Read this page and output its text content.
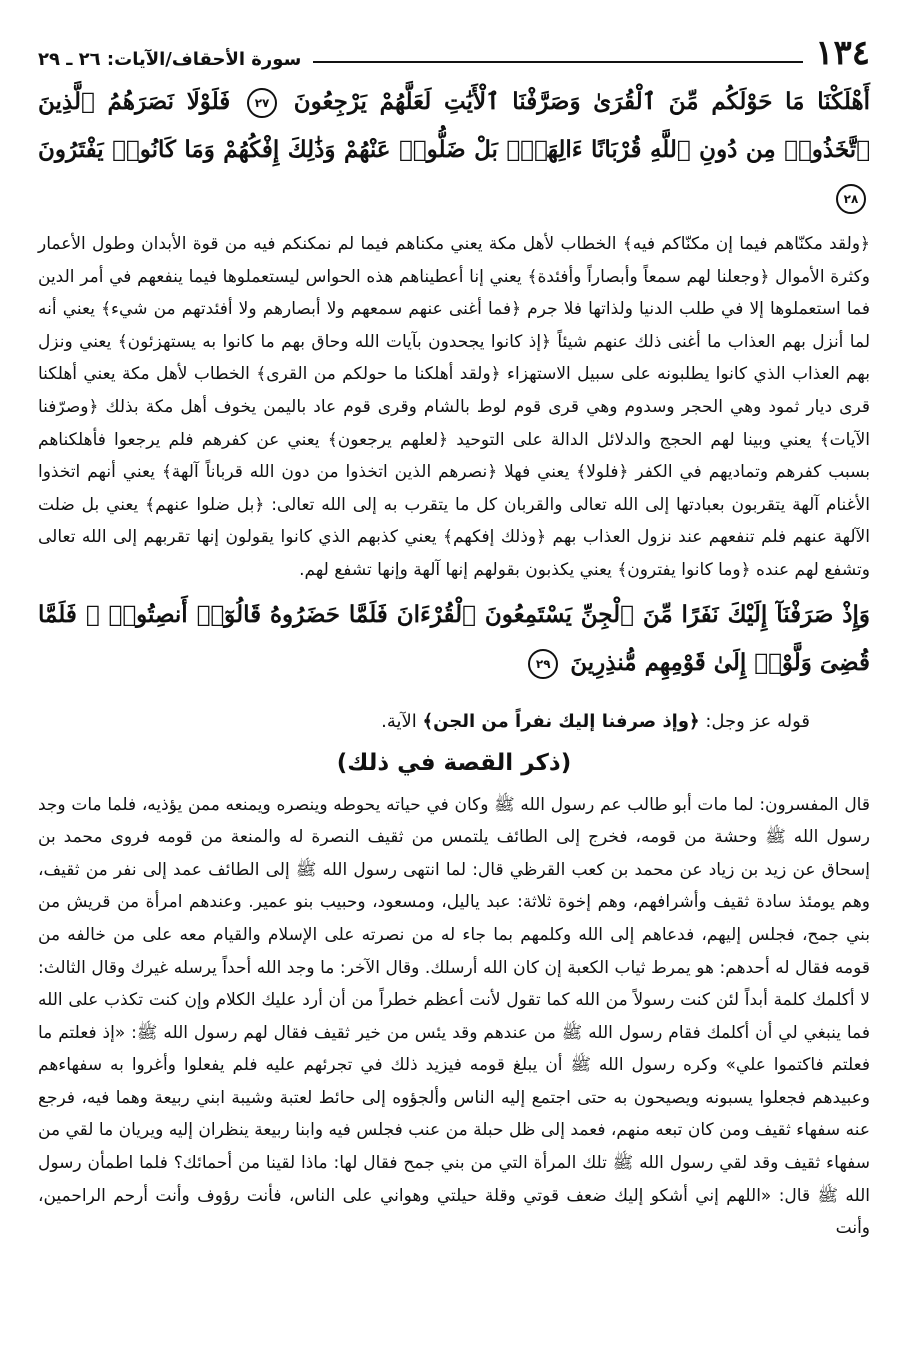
١٣٤
سورة الأحقاف/الآيات: ٢٦ ـ ٢٩
أَهْلَكْنَا مَا حَوْلَكُم مِّنَ ٱلْقُرَىٰ وَصَرَّفْنَا ٱلْأَيَٰتِ لَعَلَّهُمْ يَرْجِعُونَ ٢٧ فَلَوْلَا نَصَرَهُمُ ٱلَّذِينَ ٱتَّخَذُوا۟ مِن دُونِ ٱللَّهِ قُرْبَانًا ءَالِهَةًۢ بَلْ ضَلُّوا۟ عَنْهُمْ وَذَٰلِكَ إِفْكُهُمْ وَمَا كَانُوا۟ يَفْتَرُونَ ٢٨

﴿ولقد مكنّاهم فيما إن مكنّاكم فيه﴾ الخطاب لأهل مكة يعني مكناهم فيما لم نمكنكم فيه من قوة الأبدان وطول الأعمار وكثرة الأموال ﴿وجعلنا لهم سمعاً وأبصاراً وأفئدة﴾ يعني إنا أعطيناهم هذه الحواس ليستعملوها فيما ينفعهم في أمر الدين فما استعملوها إلا في طلب الدنيا ولذاتها فلا جرم ﴿فما أغنى عنهم سمعهم ولا أبصارهم ولا أفئدتهم من شيء﴾ يعني أنه لما أنزل بهم العذاب ما أغنى ذلك عنهم شيئاً ﴿إذ كانوا يجحدون بآيات الله وحاق بهم ما كانوا به يستهزئون﴾ يعني ونزل بهم العذاب الذي كانوا يطلبونه على سبيل الاستهزاء ﴿ولقد أهلكنا ما حولكم من القرى﴾ الخطاب لأهل مكة يعني أهلكنا قرى ديار ثمود وهي الحجر وسدوم وهي قرى قوم لوط بالشام وقرى قوم عاد باليمن يخوف أهل مكة بذلك ﴿وصرّفنا الآيات﴾ يعني وبينا لهم الحجج والدلائل الدالة على التوحيد ﴿لعلهم يرجعون﴾ يعني عن كفرهم فلم يرجعوا فأهلكناهم بسبب كفرهم وتماديهم في الكفر ﴿فلولا﴾ يعني فهلا ﴿نصرهم الذين اتخذوا من دون الله قرباناً آلهة﴾ يعني أنهم اتخذوا الأغنام آلهة يتقربون بعبادتها إلى الله تعالى والقربان كل ما يتقرب به إلى الله تعالى: ﴿بل ضلوا عنهم﴾ يعني بل ضلت الآلهة عنهم فلم تنفعهم عند نزول العذاب بهم ﴿وذلك إفكهم﴾ يعني كذبهم الذي كانوا يقولون إنها تقربهم إلى الله تعالى وتشفع لهم عنده ﴿وما كانوا يفترون﴾ يعني يكذبون بقولهم إنها آلهة وإنها تشفع لهم.

وَإِذْ صَرَفْنَآ إِلَيْكَ نَفَرًا مِّنَ ٱلْجِنِّ يَسْتَمِعُونَ ٱلْقُرْءَانَ فَلَمَّا حَضَرُوهُ قَالُوٓا۟ أَنصِتُوا۟ ۖ فَلَمَّا قُضِىَ وَلَّوْا۟ إِلَىٰ قَوْمِهِم مُّنذِرِينَ ٢٩
قوله عز وجل: ﴿وإذ صرفنا إليك نفراً من الجن﴾ الآية.
(ذكر القصة في ذلك)

قال المفسرون: لما مات أبو طالب عم رسول الله ﷺ وكان في حياته يحوطه وينصره ويمنعه ممن يؤذيه، فلما مات وجد رسول الله ﷺ وحشة من قومه، فخرج إلى الطائف يلتمس من ثقيف النصرة له والمنعة من قومه فروى محمد بن إسحاق عن زيد بن زياد عن محمد بن كعب القرظي قال: لما انتهى رسول الله ﷺ إلى الطائف عمد إلى نفر من ثقيف، وهم يومئذ سادة ثقيف وأشرافهم، وهم إخوة ثلاثة: عبد ياليل، ومسعود، وحبيب بنو عمير. وعندهم امرأة من قريش من بني جمح، فجلس إليهم، فدعاهم إلى الله وكلمهم بما جاء له من نصرته على الإسلام والقيام معه على من خالفه من قومه فقال له أحدهم: هو يمرط ثياب الكعبة إن كان الله أرسلك. وقال الآخر: ما وجد الله أحداً يرسله غيرك وقال الثالث: لا أكلمك كلمة أبداً لئن كنت رسولاً من الله كما تقول لأنت أعظم خطراً من أن أرد عليك الكلام وإن كنت تكذب على الله فما ينبغي لي أن أكلمك فقام رسول الله ﷺ من عندهم وقد يئس من خير ثقيف فقال لهم رسول الله ﷺ: «إذ فعلتم ما فعلتم فاكتموا علي» وكره رسول الله ﷺ أن يبلغ قومه فيزيد ذلك في تجرئهم عليه فلم يفعلوا وأغروا به سفهاءهم وعبيدهم فجعلوا يسبونه ويصيحون به حتى اجتمع إليه الناس وألجؤوه إلى حائط لعتبة وشيبة ابني ربيعة وهما فيه، فرجع عنه سفهاء ثقيف ومن كان تبعه منهم، فعمد إلى ظل حبلة من عنب فجلس فيه وابنا ربيعة ينظران إليه ويريان ما لقي من سفهاء ثقيف وقد لقي رسول الله ﷺ تلك المرأة التي من بني جمح فقال لها: ماذا لقينا من أحمائك؟ فلما اطمأن رسول الله ﷺ قال: «اللهم إني أشكو إليك ضعف قوتي وقلة حيلتي وهواني على الناس، فأنت رؤوف وأنت أرحم الراحمين، وأنت
